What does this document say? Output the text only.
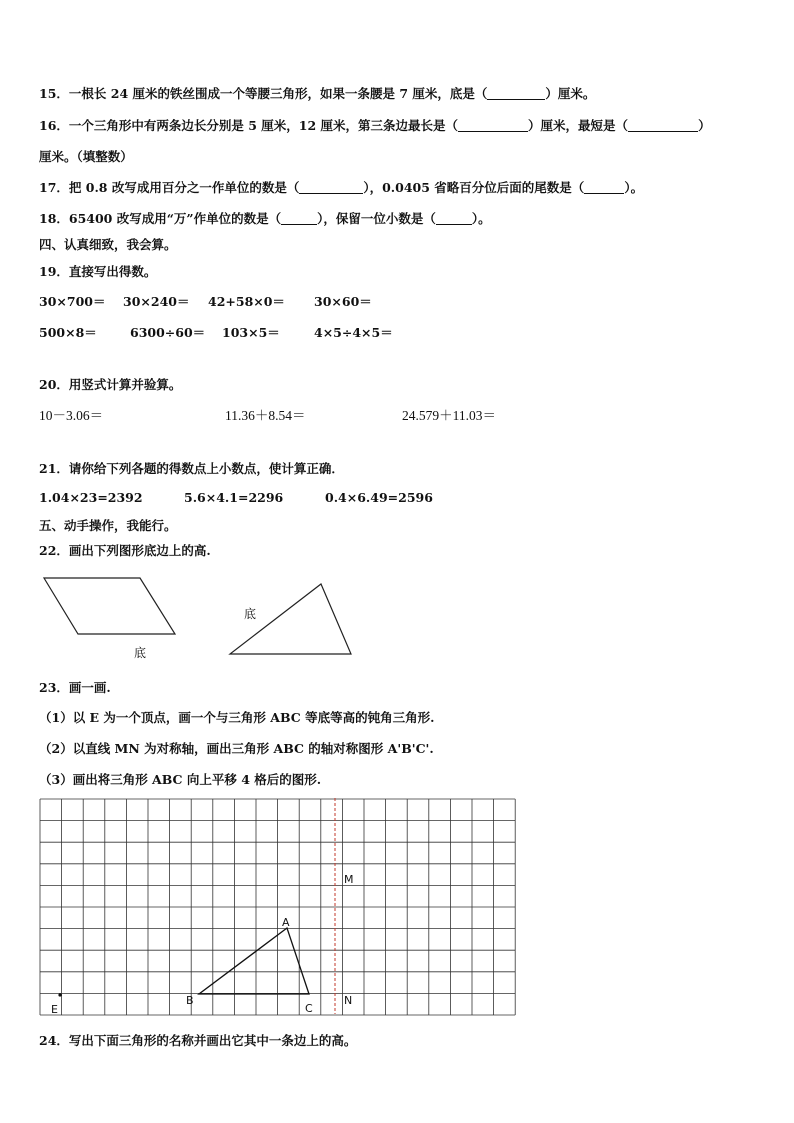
15．一根长 24 厘米的铁丝围成一个等腰三角形，如果一条腰是 7 厘米，底是（	）厘米。
16．一个三角形中有两条边长分别是 5 厘米，12 厘米，第三条边最长是（	）厘米，最短是（	）
厘米。（填整数）
17．把 0.8 改写成用百分之一作单位的数是（	），0.0405 省略百分位后面的尾数是（	）。
18．65400 改写成用“万”作单位的数是（	），保留一位小数是（	）。
四、认真细致，我会算。
19．直接写出得数。
30×700＝ 30×240＝ 42+58×0＝ 30×60＝
500×8＝	6300÷60＝ 103×5＝	4×5÷4×5＝
20．用竖式计算并验算。
10－3.06＝	11.36＋8.54＝	24.579＋11.03＝
21．请你给下列各题的得数点上小数点，使计算正确．
1.04×23=2392	5.6×4.1=2296	0.4×6.49=2596
五、动手操作，我能行。
22．画出下列图形底边上的高.
底
底
23．画一画.
（1）以 E 为一个顶点，画一个与三角形 ABC 等底等高的钝角三角形.
（2）以直线 MN 为对称轴，画出三角形 ABC 的轴对称图形 A'B'C'.
（3）画出将三角形 ABC 向上平移 4 格后的图形.
A
B
C
M
N
E
24．写出下面三角形的名称并画出它其中一条边上的高。
